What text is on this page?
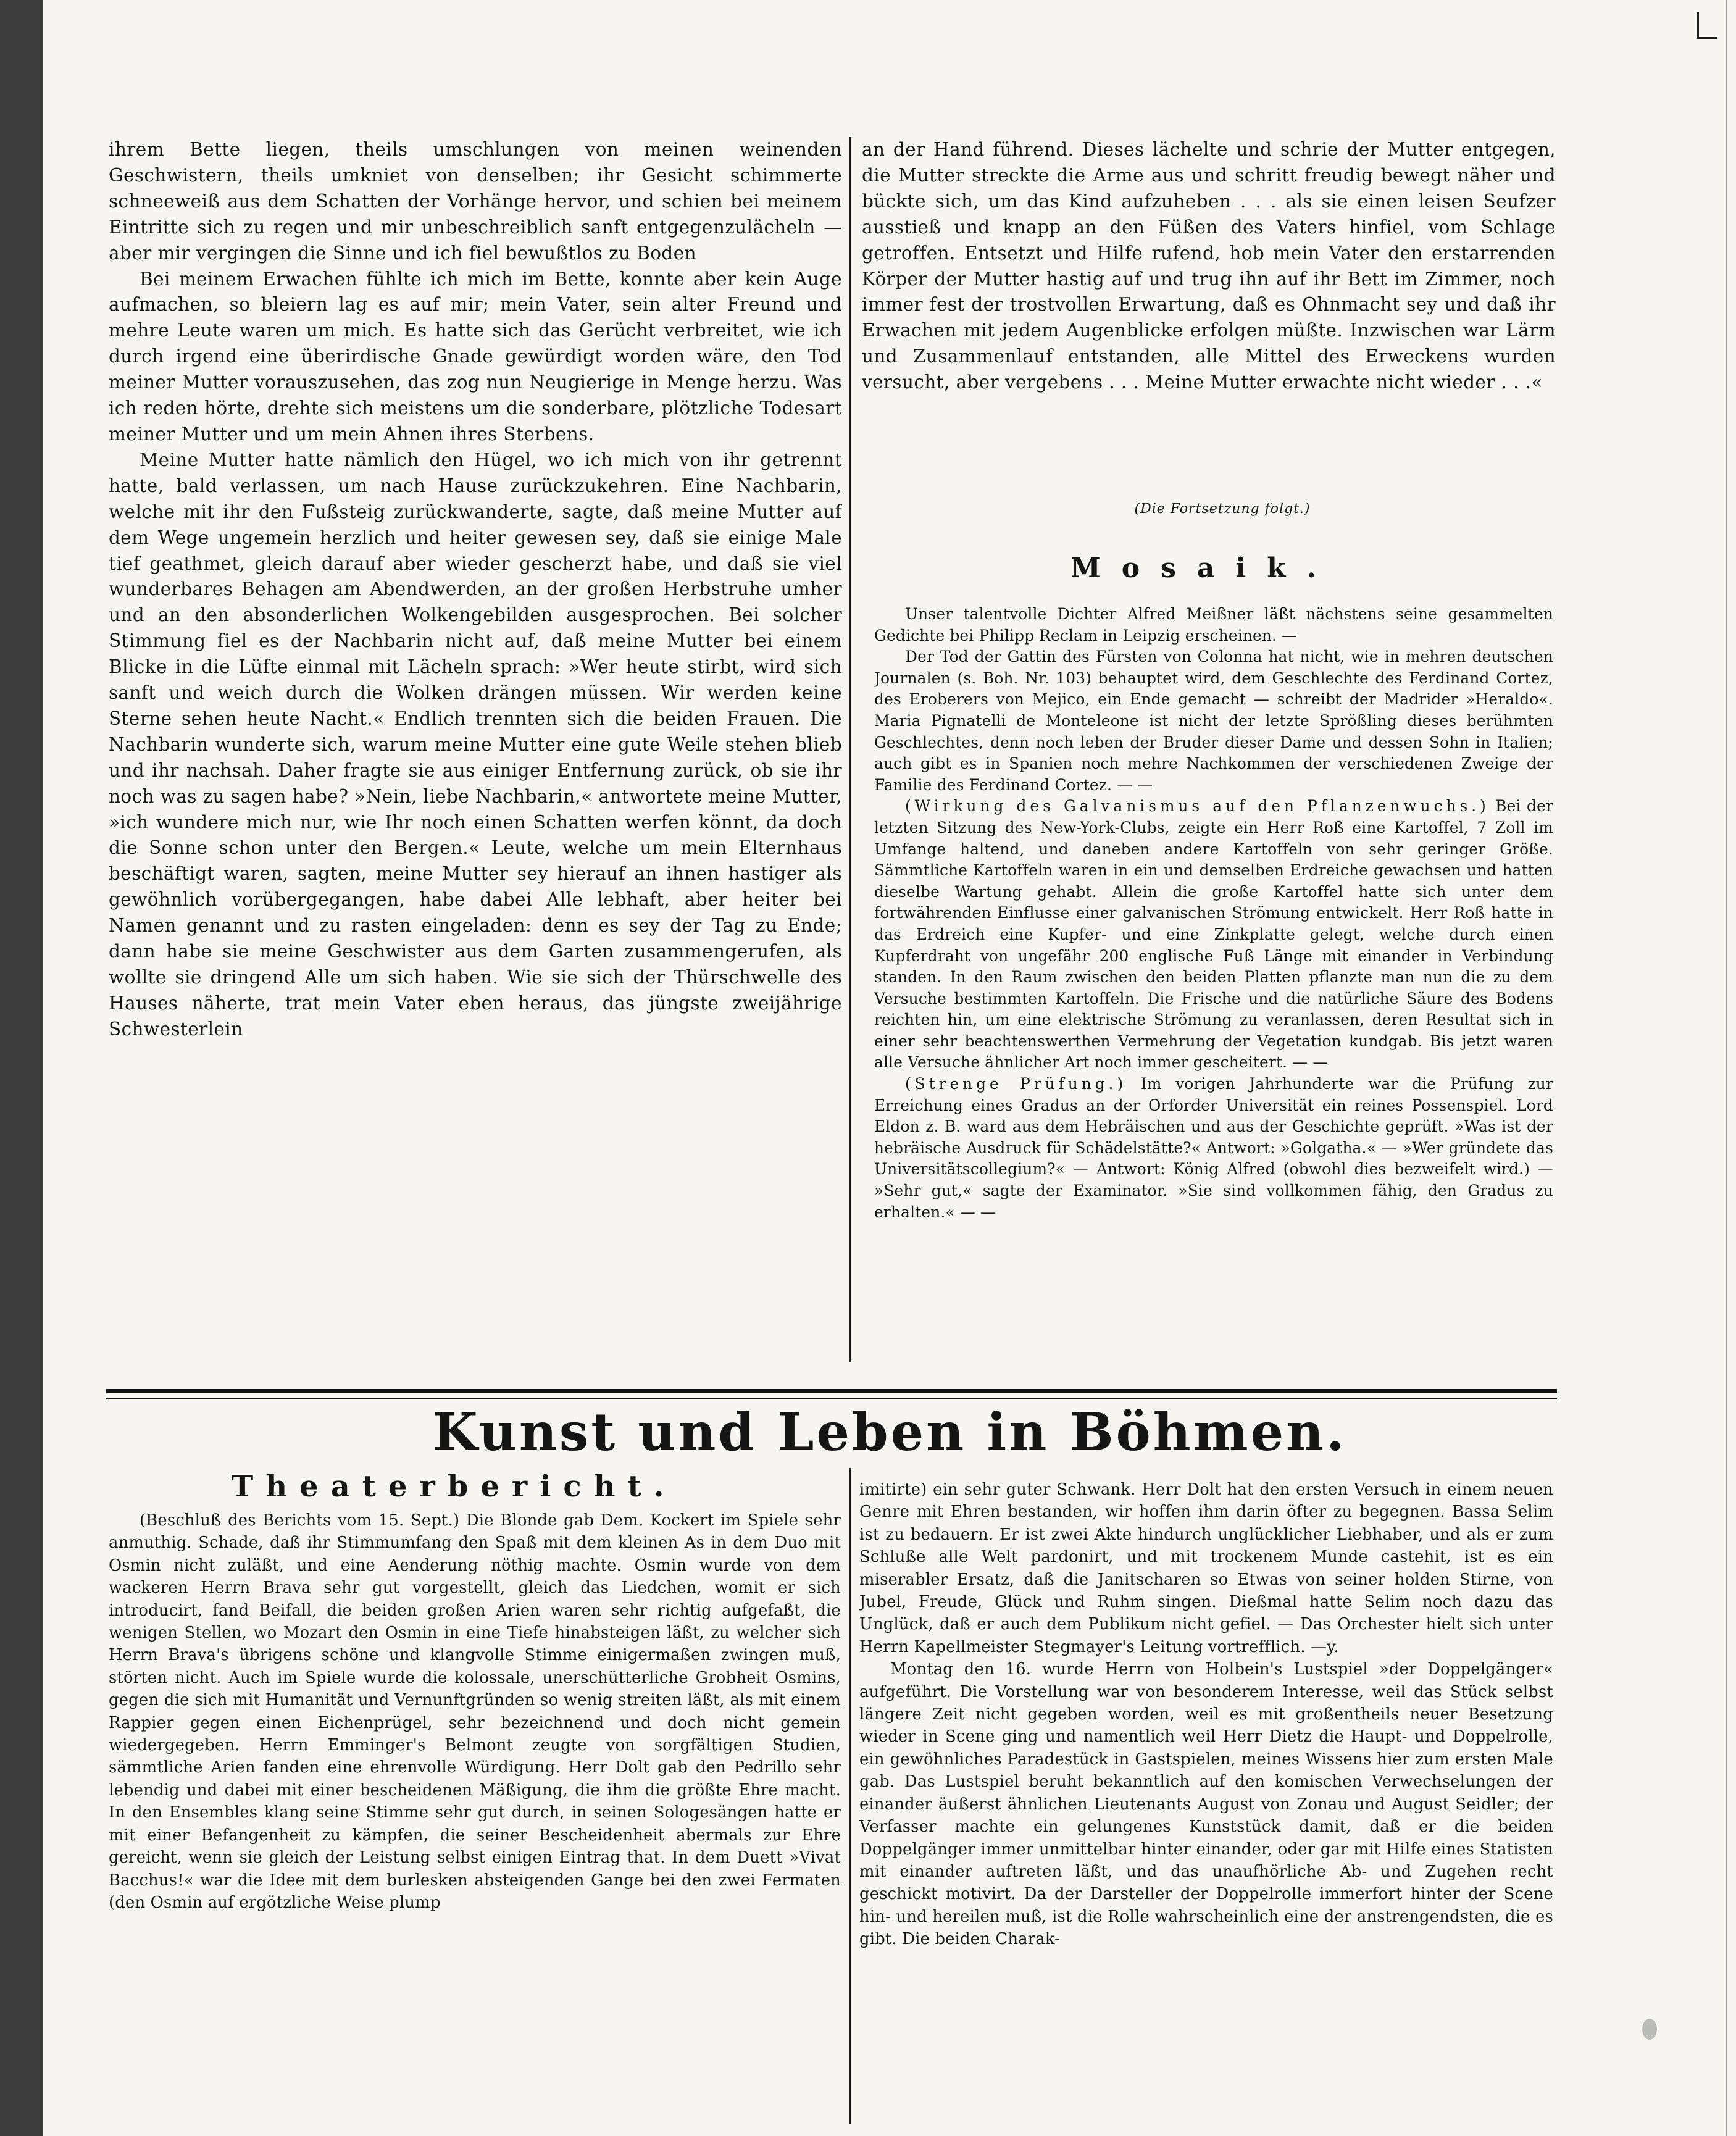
ihrem Bette liegen, theils umschlungen von meinen weinenden Geschwistern, theils umkniet von denselben; ihr Gesicht schimmerte schneeweiß aus dem Schatten der Vorhänge hervor, und schien bei meinem Eintritte sich zu regen und mir unbeschreiblich sanft entgegenzulächeln — aber mir vergingen die Sinne und ich fiel bewußtlos zu Boden

Bei meinem Erwachen fühlte ich mich im Bette, konnte aber kein Auge aufmachen, so bleiern lag es auf mir; mein Vater, sein alter Freund und mehre Leute waren um mich. Es hatte sich das Gerücht verbreitet, wie ich durch irgend eine überirdische Gnade gewürdigt worden wäre, den Tod meiner Mutter vorauszusehen, das zog nun Neugierige in Menge herzu. Was ich reden hörte, drehte sich meistens um die sonderbare, plötzliche Todesart meiner Mutter und um mein Ahnen ihres Sterbens.

Meine Mutter hatte nämlich den Hügel, wo ich mich von ihr getrennt hatte, bald verlassen, um nach Hause zurückzukehren. Eine Nachbarin, welche mit ihr den Fußsteig zurückwanderte, sagte, daß meine Mutter auf dem Wege ungemein herzlich und heiter gewesen sey, daß sie einige Male tief geathmet, gleich darauf aber wieder gescherzt habe, und daß sie viel wunderbares Behagen am Abendwerden, an der großen Herbstruhe umher und an den absonderlichen Wolkengebilden ausgesprochen. Bei solcher Stimmung fiel es der Nachbarin nicht auf, daß meine Mutter bei einem Blicke in die Lüfte einmal mit Lächeln sprach: »Wer heute stirbt, wird sich sanft und weich durch die Wolken drängen müssen. Wir werden keine Sterne sehen heute Nacht.« Endlich trennten sich die beiden Frauen. Die Nachbarin wunderte sich, warum meine Mutter eine gute Weile stehen blieb und ihr nachsah. Daher fragte sie aus einiger Entfernung zurück, ob sie ihr noch was zu sagen habe? »Nein, liebe Nachbarin,« antwortete meine Mutter, »ich wundere mich nur, wie Ihr noch einen Schatten werfen könnt, da doch die Sonne schon unter den Bergen.« Leute, welche um mein Elternhaus beschäftigt waren, sagten, meine Mutter sey hierauf an ihnen hastiger als gewöhnlich vorübergegangen, habe dabei Alle lebhaft, aber heiter bei Namen genannt und zu rasten eingeladen: denn es sey der Tag zu Ende; dann habe sie meine Geschwister aus dem Garten zusammengerufen, als wollte sie dringend Alle um sich haben. Wie sie sich der Thürschwelle des Hauses näherte, trat mein Vater eben heraus, das jüngste zweijährige Schwesterlein

an der Hand führend. Dieses lächelte und schrie der Mutter entgegen, die Mutter streckte die Arme aus und schritt freudig bewegt näher und bückte sich, um das Kind aufzuheben . . . als sie einen leisen Seufzer ausstieß und knapp an den Füßen des Vaters hinfiel, vom Schlage getroffen. Entsetzt und Hilfe rufend, hob mein Vater den erstarrenden Körper der Mutter hastig auf und trug ihn auf ihr Bett im Zimmer, noch immer fest der trostvollen Erwartung, daß es Ohnmacht sey und daß ihr Erwachen mit jedem Augenblicke erfolgen müßte. Inzwischen war Lärm und Zusammenlauf entstanden, alle Mittel des Erweckens wurden versucht, aber vergebens . . . Meine Mutter erwachte nicht wieder . . .«

(Die Fortsetzung folgt.)
Mosaik.

Unser talentvolle Dichter Alfred Meißner läßt nächstens seine gesammelten Gedichte bei Philipp Reclam in Leipzig erscheinen. —

Der Tod der Gattin des Fürsten von Colonna hat nicht, wie in mehren deutschen Journalen (s. Boh. Nr. 103) behauptet wird, dem Geschlechte des Ferdinand Cortez, des Eroberers von Mejico, ein Ende gemacht — schreibt der Madrider »Heraldo«. Maria Pignatelli de Monteleone ist nicht der letzte Sprößling dieses berühmten Geschlechtes, denn noch leben der Bruder dieser Dame und dessen Sohn in Italien; auch gibt es in Spanien noch mehre Nachkommen der verschiedenen Zweige der Familie des Ferdinand Cortez. — —

(Wirkung des Galvanismus auf den Pflanzenwuchs.) Bei der letzten Sitzung des New-York-Clubs, zeigte ein Herr Roß eine Kartoffel, 7 Zoll im Umfange haltend, und daneben andere Kartoffeln von sehr geringer Größe. Sämmtliche Kartoffeln waren in ein und demselben Erdreiche gewachsen und hatten dieselbe Wartung gehabt. Allein die große Kartoffel hatte sich unter dem fortwährenden Einflusse einer galvanischen Strömung entwickelt. Herr Roß hatte in das Erdreich eine Kupfer- und eine Zinkplatte gelegt, welche durch einen Kupferdraht von ungefähr 200 englische Fuß Länge mit einander in Verbindung standen. In den Raum zwischen den beiden Platten pflanzte man nun die zu dem Versuche bestimmten Kartoffeln. Die Frische und die natürliche Säure des Bodens reichten hin, um eine elektrische Strömung zu veranlassen, deren Resultat sich in einer sehr beachtenswerthen Vermehrung der Vegetation kundgab. Bis jetzt waren alle Versuche ähnlicher Art noch immer gescheitert. — —

(Strenge Prüfung.) Im vorigen Jahrhunderte war die Prüfung zur Erreichung eines Gradus an der Orforder Universität ein reines Possenspiel. Lord Eldon z. B. ward aus dem Hebräischen und aus der Geschichte geprüft. »Was ist der hebräische Ausdruck für Schädelstätte?« Antwort: »Golgatha.« — »Wer gründete das Universitätscollegium?« — Antwort: König Alfred (obwohl dies bezweifelt wird.) — »Sehr gut,« sagte der Examinator. »Sie sind vollkommen fähig, den Gradus zu erhalten.« — —

Kunst und Leben in Böhmen.
Theaterbericht.

(Beschluß des Berichts vom 15. Sept.) Die Blonde gab Dem. Kockert im Spiele sehr anmuthig. Schade, daß ihr Stimmumfang den Spaß mit dem kleinen As in dem Duo mit Osmin nicht zuläßt, und eine Aenderung nöthig machte. Osmin wurde von dem wackeren Herrn Brava sehr gut vorgestellt, gleich das Liedchen, womit er sich introducirt, fand Beifall, die beiden großen Arien waren sehr richtig aufgefaßt, die wenigen Stellen, wo Mozart den Osmin in eine Tiefe hinabsteigen läßt, zu welcher sich Herrn Brava's übrigens schöne und klangvolle Stimme einigermaßen zwingen muß, störten nicht. Auch im Spiele wurde die kolossale, unerschütterliche Grobheit Osmins, gegen die sich mit Humanität und Vernunftgründen so wenig streiten läßt, als mit einem Rappier gegen einen Eichenprügel, sehr bezeichnend und doch nicht gemein wiedergegeben. Herrn Emminger's Belmont zeugte von sorgfältigen Studien, sämmtliche Arien fanden eine ehrenvolle Würdigung. Herr Dolt gab den Pedrillo sehr lebendig und dabei mit einer bescheidenen Mäßigung, die ihm die größte Ehre macht. In den Ensembles klang seine Stimme sehr gut durch, in seinen Sologesängen hatte er mit einer Befangenheit zu kämpfen, die seiner Bescheidenheit abermals zur Ehre gereicht, wenn sie gleich der Leistung selbst einigen Eintrag that. In dem Duett »Vivat Bacchus!« war die Idee mit dem burlesken absteigenden Gange bei den zwei Fermaten (den Osmin auf ergötzliche Weise plump

imitirte) ein sehr guter Schwank. Herr Dolt hat den ersten Versuch in einem neuen Genre mit Ehren bestanden, wir hoffen ihm darin öfter zu begegnen. Bassa Selim ist zu bedauern. Er ist zwei Akte hindurch unglücklicher Liebhaber, und als er zum Schluße alle Welt pardonirt, und mit trockenem Munde castehit, ist es ein miserabler Ersatz, daß die Janitscharen so Etwas von seiner holden Stirne, von Jubel, Freude, Glück und Ruhm singen. Dießmal hatte Selim noch dazu das Unglück, daß er auch dem Publikum nicht gefiel. — Das Orchester hielt sich unter Herrn Kapellmeister Stegmayer's Leitung vortrefflich. —y.

Montag den 16. wurde Herrn von Holbein's Lustspiel »der Doppelgänger« aufgeführt. Die Vorstellung war von besonderem Interesse, weil das Stück selbst längere Zeit nicht gegeben worden, weil es mit großentheils neuer Besetzung wieder in Scene ging und namentlich weil Herr Dietz die Haupt- und Doppelrolle, ein gewöhnliches Paradestück in Gastspielen, meines Wissens hier zum ersten Male gab. Das Lustspiel beruht bekanntlich auf den komischen Verwechselungen der einander äußerst ähnlichen Lieutenants August von Zonau und August Seidler; der Verfasser machte ein gelungenes Kunststück damit, daß er die beiden Doppelgänger immer unmittelbar hinter einander, oder gar mit Hilfe eines Statisten mit einander auftreten läßt, und das unaufhörliche Ab- und Zugehen recht geschickt motivirt. Da der Darsteller der Doppelrolle immerfort hinter der Scene hin- und hereilen muß, ist die Rolle wahrscheinlich eine der anstrengendsten, die es gibt. Die beiden Charak-
